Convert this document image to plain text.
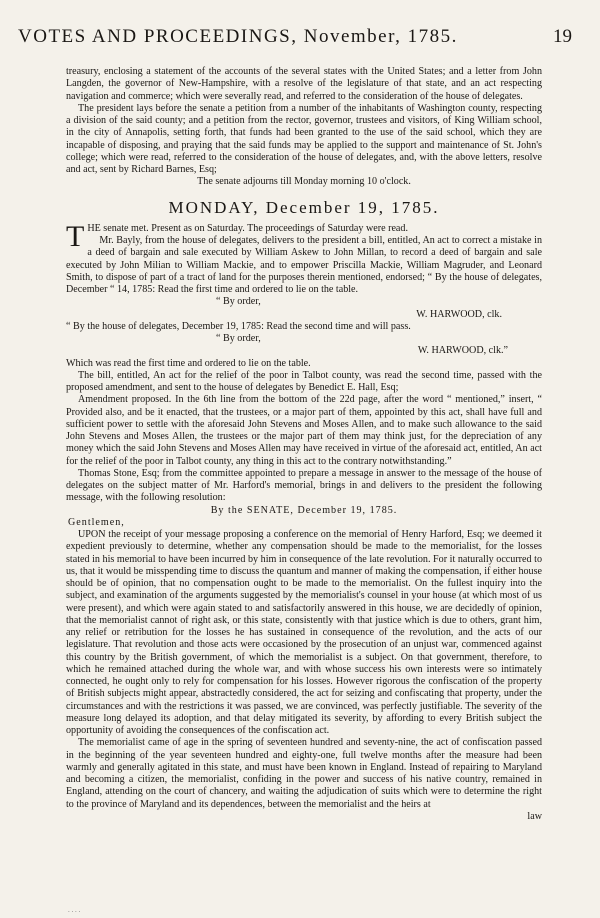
VOTES AND PROCEEDINGS, November, 1785.	19

treasury, enclosing a statement of the accounts of the several states with the United States; and a letter from John Langden, the governor of New-Hampshire, with a resolve of the legislature of that state, and an act respecting navigation and commerce; which were severally read, and referred to the consideration of the house of delegates.

The president lays before the senate a petition from a number of the inhabitants of Washington county, respecting a division of the said county; and a petition from the rector, governor, trustees and visitors, of King William school, in the city of Annapolis, setting forth, that funds had been granted to the use of the said school, which they are incapable of disposing, and praying that the said funds may be applied to the support and maintenance of St. John's college; which were read, referred to the consideration of the house of delegates, and, with the above letters, resolve and act, sent by Richard Barnes, Esq;

The senate adjourns till Monday morning 10 o'clock.

MONDAY, December 19, 1785.

THE senate met. Present as on Saturday. The proceedings of Saturday were read.

Mr. Bayly, from the house of delegates, delivers to the president a bill, entitled, An act to correct a mistake in a deed of bargain and sale executed by William Askew to John Millan, to record a deed of bargain and sale executed by John Milian to William Mackie, and to empower Priscilla Mackie, William Magruder, and Leonard Smith, to dispose of part of a tract of land for the purposes therein mentioned, endorsed; “ By the house of delegates, December “ 14, 1785: Read the first time and ordered to lie on the table.

“ By order,

W. HARWOOD, clk.

“ By the house of delegates, December 19, 1785: Read the second time and will pass.

“ By order,

W. HARWOOD, clk.”

Which was read the first time and ordered to lie on the table.

The bill, entitled, An act for the relief of the poor in Talbot county, was read the second time, passed with the proposed amendment, and sent to the house of delegates by Benedict E. Hall, Esq;

Amendment proposed. In the 6th line from the bottom of the 22d page, after the word “ mentioned,” insert, “ Provided also, and be it enacted, that the trustees, or a major part of them, appointed by this act, shall have full and sufficient power to settle with the aforesaid John Stevens and Moses Allen, and to make such allowance to the said John Stevens and Moses Allen, the trustees or the major part of them may think just, for the depreciation of any money which the said John Stevens and Moses Allen may have received in virtue of the aforesaid act, entitled, An act for the relief of the poor in Talbot county, any thing in this act to the contrary notwithstanding.”

Thomas Stone, Esq; from the committee appointed to prepare a message in answer to the message of the house of delegates on the subject matter of Mr. Harford's memorial, brings in and delivers to the president the following message, with the following resolution:

By the SENATE, December 19, 1785.

Gentlemen,

UPON the receipt of your message proposing a conference on the memorial of Henry Harford, Esq; we deemed it expedient previously to determine, whether any compensation should be made to the memorialist, for the losses stated in his memorial to have been incurred by him in consequence of the late revolution. For it naturally occurred to us, that it would be misspending time to discuss the quantum and manner of making the compensation, if either house should be of opinion, that no compensation ought to be made to the memorialist. On the fullest inquiry into the subject, and examination of the arguments suggested by the memorialist's counsel in your house (at which most of us were present), and which were again stated to and satisfactorily answered in this house, we are decidedly of opinion, that the memorialist cannot of right ask, or this state, consistently with that justice which is due to others, grant him, any relief or retribution for the losses he has sustained in consequence of the revolution, and the acts of our legislature. That revolution and those acts were occasioned by the prosecution of an unjust war, commenced against this country by the British government, of which the memorialist is a subject. On that government, therefore, to which he remained attached during the whole war, and with whose success his own interests were so intimately connected, he ought only to rely for compensation for his losses. However rigorous the confiscation of the property of British subjects might appear, abstractedly considered, the act for seizing and confiscating that property, under the circumstances and with the restrictions it was passed, we are convinced, was perfectly justifiable. The severity of the measure long delayed its adoption, and that delay mitigated its severity, by affording to every British subject the opportunity of avoiding the consequences of the confiscation act.

The memorialist came of age in the spring of seventeen hundred and seventy-nine, the act of confiscation passed in the beginning of the year seventeen hundred and eighty-one, full twelve months after the measure had been warmly and generally agitated in this state, and must have been known in England. Instead of repairing to Maryland and becoming a citizen, the memorialist, confiding in the power and success of his native country, remained in England, attending on the court of chancery, and waiting the adjudication of suits which were to determine the right to the province of Maryland and its dependences, between the memorialist and the heirs at

law

. . . .
